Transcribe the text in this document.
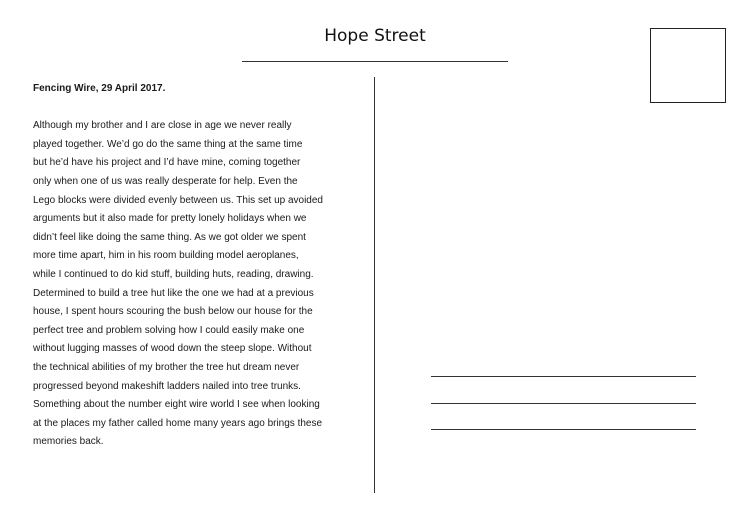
Hope Street

Fencing Wire, 29 April 2017.

Although my brother and I are close in age we never really
played together. We’d go do the same thing at the same time
but he’d have his project and I’d have mine, coming together
only when one of us was really desperate for help. Even the
Lego blocks were divided evenly between us. This set up avoided
arguments but it also made for pretty lonely holidays when we
didn’t feel like doing the same thing. As we got older we spent
more time apart, him in his room building model aeroplanes,
while I continued to do kid stuff, building huts, reading, drawing.
Determined to build a tree hut like the one we had at a previous
house, I spent hours scouring the bush below our house for the
perfect tree and problem solving how I could easily make one
without lugging masses of wood down the steep slope. Without
the technical abilities of my brother the tree hut dream never
progressed beyond makeshift ladders nailed into tree trunks.
Something about the number eight wire world I see when looking
at the places my father called home many years ago brings these
memories back.
